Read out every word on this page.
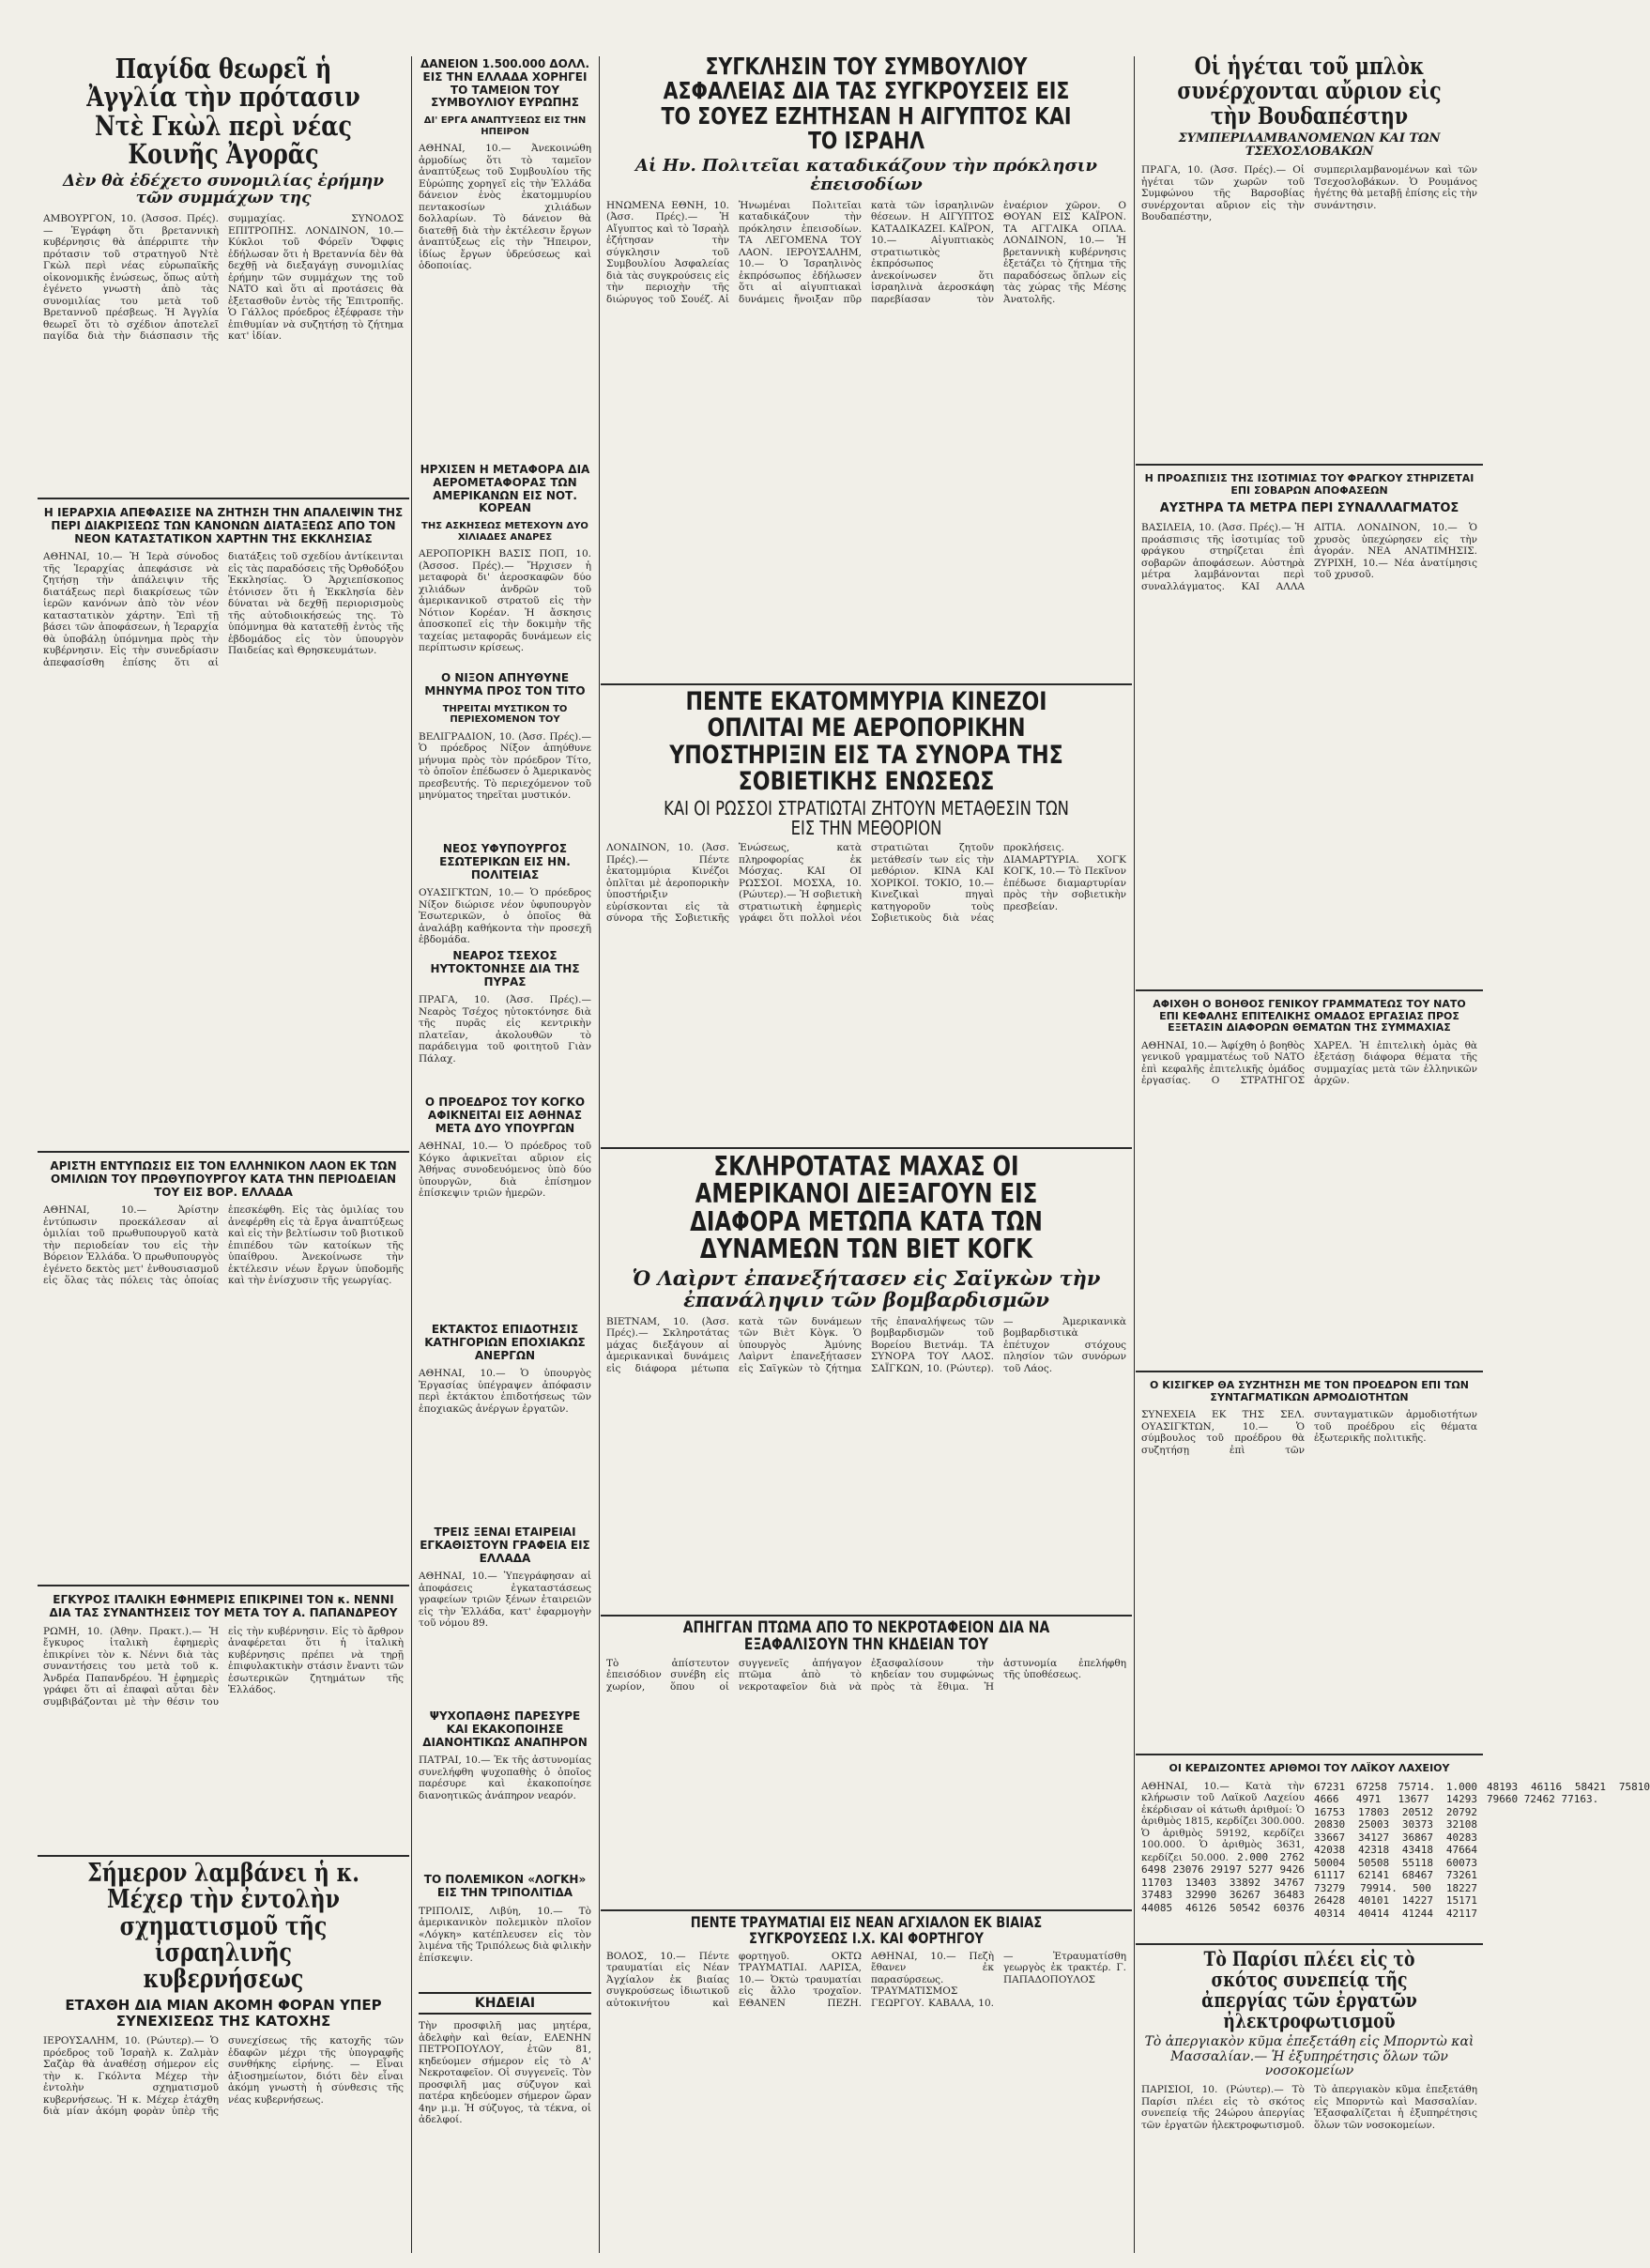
Παγίδα θεωρεῖ ἡ Ἀγγλία τὴν πρότασιν Ντὲ Γκὼλ περὶ νέας Κοινῆς Ἀγορᾶς
Δὲν θὰ ἐδέχετο συνομιλίας ἐρήμην τῶν συμμάχων της
ΑΜΒΟΥΡΓΟΝ, 10. (Ἀσσοσ. Πρές).— Ἐγράφη ὅτι βρεταννικὴ κυβέρνησις θὰ ἀπέρριπτε τὴν πρότασιν τοῦ στρατηγοῦ Ντὲ Γκὼλ περὶ νέας εὐρωπαϊκῆς οἰκονομικῆς ἑνώσεως, ὅπως αὐτὴ ἐγένετο γνωστὴ ἀπὸ τὰς συνομιλίας του μετὰ τοῦ Βρεταννοῦ πρέσβεως. Ἡ Ἀγγλία θεωρεῖ ὅτι τὸ σχέδιον ἀποτελεῖ παγίδα διὰ τὴν διάσπασιν τῆς συμμαχίας. ΣΥΝΟΔΟΣ ΕΠΙΤΡΟΠΗΣ. ΛΟΝΔΙΝΟΝ, 10.— Κύκλοι τοῦ Φόρεϊν Ὄφφις ἐδήλωσαν ὅτι ἡ Βρεταννία δὲν θὰ δεχθῇ νὰ διεξαγάγῃ συνομιλίας ἐρήμην τῶν συμμάχων της τοῦ ΝΑΤΟ καὶ ὅτι αἱ προτάσεις θὰ ἐξετασθοῦν ἐντὸς τῆς Ἐπιτροπῆς. Ὁ Γάλλος πρόεδρος ἐξέφρασε τὴν ἐπιθυμίαν νὰ συζητήσῃ τὸ ζήτημα κατ' ἰδίαν.
Η ΙΕΡΑΡΧΙΑ ΑΠΕΦΑΣΙΣΕ ΝΑ ΖΗΤΗΣΗ ΤΗΝ ΑΠΑΛΕΙΨΙΝ ΤΗΣ ΠΕΡΙ ΔΙΑΚΡΙΣΕΩΣ ΤΩΝ ΚΑΝΟΝΩΝ ΔΙΑΤΑΞΕΩΣ ΑΠΟ ΤΟΝ ΝΕΟΝ ΚΑΤΑΣΤΑΤΙΚΟΝ ΧΑΡΤΗΝ ΤΗΣ ΕΚΚΛΗΣΙΑΣ
ΑΘΗΝΑΙ, 10.— Ἡ Ἱερὰ σύνοδος τῆς Ἱεραρχίας ἀπεφάσισε νὰ ζητήσῃ τὴν ἀπάλειψιν τῆς διατάξεως περὶ διακρίσεως τῶν ἱερῶν κανόνων ἀπὸ τὸν νέον καταστατικὸν χάρτην. Ἐπὶ τῇ βάσει τῶν ἀποφάσεων, ἡ Ἱεραρχία θὰ ὑποβάλῃ ὑπόμνημα πρὸς τὴν κυβέρνησιν. Εἰς τὴν συνεδρίασιν ἀπεφασίσθη ἐπίσης ὅτι αἱ διατάξεις τοῦ σχεδίου ἀντίκεινται εἰς τὰς παραδόσεις τῆς Ὀρθοδόξου Ἐκκλησίας. Ὁ Ἀρχιεπίσκοπος ἐτόνισεν ὅτι ἡ Ἐκκλησία δὲν δύναται νὰ δεχθῇ περιορισμοὺς τῆς αὐτοδιοικήσεώς της. Τὸ ὑπόμνημα θὰ κατατεθῇ ἐντὸς τῆς ἑβδομάδος εἰς τὸν ὑπουργὸν Παιδείας καὶ Θρησκευμάτων.
ΑΡΙΣΤΗ ΕΝΤΥΠΩΣΙΣ ΕΙΣ ΤΟΝ ΕΛΛΗΝΙΚΟΝ ΛΑΟΝ ΕΚ ΤΩΝ ΟΜΙΛΙΩΝ ΤΟΥ ΠΡΩΘΥΠΟΥΡΓΟΥ ΚΑΤΑ ΤΗΝ ΠΕΡΙΟΔΕΙΑΝ ΤΟΥ ΕΙΣ ΒΟΡ. ΕΛΛΑΔΑ
ΑΘΗΝΑΙ, 10.— Ἀρίστην ἐντύπωσιν προεκάλεσαν αἱ ὁμιλίαι τοῦ πρωθυπουργοῦ κατὰ τὴν περιοδείαν του εἰς τὴν Βόρειον Ἑλλάδα. Ὁ πρωθυπουργὸς ἐγένετο δεκτὸς μετ' ἐνθουσιασμοῦ εἰς ὅλας τὰς πόλεις τὰς ὁποίας ἐπεσκέφθη. Εἰς τὰς ὁμιλίας του ἀνεφέρθη εἰς τὰ ἔργα ἀναπτύξεως καὶ εἰς τὴν βελτίωσιν τοῦ βιοτικοῦ ἐπιπέδου τῶν κατοίκων τῆς ὑπαίθρου. Ἀνεκοίνωσε τὴν ἐκτέλεσιν νέων ἔργων ὑποδομῆς καὶ τὴν ἐνίσχυσιν τῆς γεωργίας.
ΕΓΚΥΡΟΣ ΙΤΑΛΙΚΗ ΕΦΗΜΕΡΙΣ ΕΠΙΚΡΙΝΕΙ ΤΟΝ κ. ΝΕΝΝΙ ΔΙΑ ΤΑΣ ΣΥΝΑΝΤΗΣΕΙΣ ΤΟΥ ΜΕΤΑ ΤΟΥ Α. ΠΑΠΑΝΔΡΕΟΥ
ΡΩΜΗ, 10. (Ἀθην. Πρακτ.).— Ἡ ἔγκυρος ἰταλικὴ ἐφημερὶς ἐπικρίνει τὸν κ. Νέννι διὰ τὰς συναντήσεις του μετὰ τοῦ κ. Ἀνδρέα Παπανδρέου. Ἡ ἐφημερὶς γράφει ὅτι αἱ ἐπαφαὶ αὗται δὲν συμβιβάζονται μὲ τὴν θέσιν του εἰς τὴν κυβέρνησιν. Εἰς τὸ ἄρθρον ἀναφέρεται ὅτι ἡ ἰταλικὴ κυβέρνησις πρέπει νὰ τηρῇ ἐπιφυλακτικὴν στάσιν ἔναντι τῶν ἐσωτερικῶν ζητημάτων τῆς Ἑλλάδος.
Σήμερον λαμβάνει ἡ κ. Μέχερ τὴν ἐντολὴν σχηματισμοῦ τῆς ἰσραηλινῆς κυβερνήσεως
ΕΤΑΧΘΗ ΔΙΑ ΜΙΑΝ ΑΚΟΜΗ ΦΟΡΑΝ ΥΠΕΡ ΣΥΝΕΧΙΣΕΩΣ ΤΗΣ ΚΑΤΟΧΗΣ
ΙΕΡΟΥΣΑΛΗΜ, 10. (Ρώυτερ).— Ὁ πρόεδρος τοῦ Ἰσραὴλ κ. Ζαλμὰν Σαζὰρ θὰ ἀναθέσῃ σήμερον εἰς τὴν κ. Γκόλντα Μέχερ τὴν ἐντολὴν σχηματισμοῦ κυβερνήσεως. Ἡ κ. Μέχερ ἐτάχθη διὰ μίαν ἀκόμη φορὰν ὑπὲρ τῆς συνεχίσεως τῆς κατοχῆς τῶν ἐδαφῶν μέχρι τῆς ὑπογραφῆς συνθήκης εἰρήνης. — Εἶναι ἀξιοσημείωτον, διότι δὲν εἶναι ἀκόμη γνωστὴ ἡ σύνθεσις τῆς νέας κυβερνήσεως.
ΔΑΝΕΙΟΝ 1.500.000 ΔΟΛΛ. ΕΙΣ ΤΗΝ ΕΛΛΑΔΑ ΧΟΡΗΓΕΙ ΤΟ ΤΑΜΕΙΟΝ ΤΟΥ ΣΥΜΒΟΥΛΙΟΥ ΕΥΡΩΠΗΣ
ΔΙ' ΕΡΓΑ ΑΝΑΠΤΥΞΕΩΣ ΕΙΣ ΤΗΝ ΗΠΕΙΡΟΝ
ΑΘΗΝΑΙ, 10.— Ἀνεκοινώθη ἀρμοδίως ὅτι τὸ ταμεῖον ἀναπτύξεως τοῦ Συμβουλίου τῆς Εὐρώπης χορηγεῖ εἰς τὴν Ἑλλάδα δάνειον ἑνὸς ἑκατομμυρίου πεντακοσίων χιλιάδων δολλαρίων. Τὸ δάνειον θὰ διατεθῇ διὰ τὴν ἐκτέλεσιν ἔργων ἀναπτύξεως εἰς τὴν Ἤπειρον, ἰδίως ἔργων ὑδρεύσεως καὶ ὁδοποιίας.
ΗΡΧΙΣΕΝ Η ΜΕΤΑΦΟΡΑ ΔΙΑ ΑΕΡΟΜΕΤΑΦΟΡΑΣ ΤΩΝ ΑΜΕΡΙΚΑΝΩΝ ΕΙΣ ΝΟΤ. ΚΟΡΕΑΝ
ΤΗΣ ΑΣΚΗΣΕΩΣ ΜΕΤΕΧΟΥΝ ΔΥΟ ΧΙΛΙΑΔΕΣ ΑΝΔΡΕΣ
ΑΕΡΟΠΟΡΙΚΗ ΒΑΣΙΣ ΠΟΠ, 10. (Ἀσσοσ. Πρές).— Ἤρχισεν ἡ μεταφορὰ δι' ἀεροσκαφῶν δύο χιλιάδων ἀνδρῶν τοῦ ἀμερικανικοῦ στρατοῦ εἰς τὴν Νότιον Κορέαν. Ἡ ἄσκησις ἀποσκοπεῖ εἰς τὴν δοκιμὴν τῆς ταχείας μεταφορᾶς δυνάμεων εἰς περίπτωσιν κρίσεως.
Ο ΝΙΞΟΝ ΑΠΗΥΘΥΝΕ ΜΗΝΥΜΑ ΠΡΟΣ ΤΟΝ ΤΙΤΟ
ΤΗΡΕΙΤΑΙ ΜΥΣΤΙΚΟΝ ΤΟ ΠΕΡΙΕΧΟΜΕΝΟΝ ΤΟΥ
ΒΕΛΙΓΡΑΔΙΟΝ, 10. (Ἀσσ. Πρές).— Ὁ πρόεδρος Νίξον ἀπηύθυνε μήνυμα πρὸς τὸν πρόεδρον Τίτο, τὸ ὁποῖον ἐπέδωσεν ὁ Ἀμερικανὸς πρεσβευτής. Τὸ περιεχόμενον τοῦ μηνύματος τηρεῖται μυστικόν.
ΝΕΟΣ ΥΦΥΠΟΥΡΓΟΣ ΕΣΩΤΕΡΙΚΩΝ ΕΙΣ ΗΝ. ΠΟΛΙΤΕΙΑΣ
ΟΥΑΣΙΓΚΤΩΝ, 10.— Ὁ πρόεδρος Νίξον διώρισε νέον ὑφυπουργὸν Ἐσωτερικῶν, ὁ ὁποῖος θὰ ἀναλάβῃ καθήκοντα τὴν προσεχῆ ἑβδομάδα.
ΝΕΑΡΟΣ ΤΣΕΧΟΣ ΗΥΤΟΚΤΟΝΗΣΕ ΔΙΑ ΤΗΣ ΠΥΡΑΣ
ΠΡΑΓΑ, 10. (Ἀσσ. Πρές).— Νεαρὸς Τσέχος ηὐτοκτόνησε διὰ τῆς πυρᾶς εἰς κεντρικὴν πλατεῖαν, ἀκολουθῶν τὸ παράδειγμα τοῦ φοιτητοῦ Γιὰν Πάλαχ.
Ο ΠΡΟΕΔΡΟΣ ΤΟΥ ΚΟΓΚΟ ΑΦΙΚΝΕΙΤΑΙ ΕΙΣ ΑΘΗΝΑΣ ΜΕΤΑ ΔΥΟ ΥΠΟΥΡΓΩΝ
ΑΘΗΝΑΙ, 10.— Ὁ πρόεδρος τοῦ Κόγκο ἀφικνεῖται αὔριον εἰς Ἀθήνας συνοδευόμενος ὑπὸ δύο ὑπουργῶν, διὰ ἐπίσημον ἐπίσκεψιν τριῶν ἡμερῶν.
ΕΚΤΑΚΤΟΣ ΕΠΙΔΟΤΗΣΙΣ ΚΑΤΗΓΟΡΙΩΝ ΕΠΟΧΙΑΚΩΣ ΑΝΕΡΓΩΝ
ΑΘΗΝΑΙ, 10.— Ὁ ὑπουργὸς Ἐργασίας ὑπέγραψεν ἀπόφασιν περὶ ἐκτάκτου ἐπιδοτήσεως τῶν ἐποχιακῶς ἀνέργων ἐργατῶν.
ΤΡΕΙΣ ΞΕΝΑΙ ΕΤΑΙΡΕΙΑΙ ΕΓΚΑΘΙΣΤΟΥΝ ΓΡΑΦΕΙΑ ΕΙΣ ΕΛΛΑΔΑ
ΑΘΗΝΑΙ, 10.— Ὑπεγράφησαν αἱ ἀποφάσεις ἐγκαταστάσεως γραφείων τριῶν ξένων ἐταιρειῶν εἰς τὴν Ἑλλάδα, κατ' ἐφαρμογὴν τοῦ νόμου 89.
ΨΥΧΟΠΑΘΗΣ ΠΑΡΕΣΥΡΕ ΚΑΙ ΕΚΑΚΟΠΟΙΗΣΕ ΔΙΑΝΟΗΤΙΚΩΣ ΑΝΑΠΗΡΟΝ
ΠΑΤΡΑΙ, 10.— Ἐκ τῆς ἀστυνομίας συνελήφθη ψυχοπαθὴς ὁ ὁποῖος παρέσυρε καὶ ἐκακοποίησε διανοητικῶς ἀνάπηρον νεαρόν.
ΤΟ ΠΟΛΕΜΙΚΟΝ «ΛΟΓΚΗ» ΕΙΣ ΤΗΝ ΤΡΙΠΟΛΙΤΙΔΑ
ΤΡΙΠΟΛΙΣ, Λιβύη, 10.— Τὸ ἀμερικανικὸν πολεμικὸν πλοῖον «Λόγκη» κατέπλευσεν εἰς τὸν λιμένα τῆς Τριπόλεως διὰ φιλικὴν ἐπίσκεψιν.
ΚΗΔΕΙΑΙ
Τὴν προσφιλῆ μας μητέρα, ἀδελφὴν καὶ θείαν, ΕΛΕΝΗΝ ΠΕΤΡΟΠΟΥΛΟΥ, ἐτῶν 81, κηδεύομεν σήμερον εἰς τὸ Α' Νεκροταφεῖον. Οἱ συγγενεῖς. Τὸν προσφιλῆ μας σύζυγον καὶ πατέρα κηδεύομεν σήμερον ὥραν 4ην μ.μ. Ἡ σύζυγος, τὰ τέκνα, οἱ ἀδελφοί.
ΣΥΓΚΛΗΣΙΝ ΤΟΥ ΣΥΜΒΟΥΛΙΟΥ ΑΣΦΑΛΕΙΑΣ ΔΙΑ ΤΑΣ ΣΥΓΚΡΟΥΣΕΙΣ ΕΙΣ ΤΟ ΣΟΥΕΖ ΕΖΗΤΗΣΑΝ Η ΑΙΓΥΠΤΟΣ ΚΑΙ ΤΟ ΙΣΡΑΗΛ
Αἱ Ην. Πολιτεῖαι καταδικάζουν τὴν πρόκλησιν ἐπεισοδίων
ΗΝΩΜΕΝΑ ΕΘΝΗ, 10. (Ἀσσ. Πρές).— Ἡ Αἴγυπτος καὶ τὸ Ἰσραὴλ ἐζήτησαν τὴν σύγκλησιν τοῦ Συμβουλίου Ἀσφαλείας διὰ τὰς συγκρούσεις εἰς τὴν περιοχὴν τῆς διώρυγος τοῦ Σουέζ. Αἱ Ἡνωμέναι Πολιτεῖαι καταδικάζουν τὴν πρόκλησιν ἐπεισοδίων. ΤΑ ΛΕΓΟΜΕΝΑ ΤΟΥ ΛΑΟΝ. ΙΕΡΟΥΣΑΛΗΜ, 10.— Ὁ Ἰσραηλινὸς ἐκπρόσωπος ἐδήλωσεν ὅτι αἱ αἰγυπτιακαὶ δυνάμεις ἤνοιξαν πῦρ κατὰ τῶν ἰσραηλινῶν θέσεων. Η ΑΙΓΥΠΤΟΣ ΚΑΤΑΔΙΚΑΖΕΙ. ΚΑΪΡΟΝ, 10.— Αἰγυπτιακὸς στρατιωτικὸς ἐκπρόσωπος ἀνεκοίνωσεν ὅτι ἰσραηλινὰ ἀεροσκάφη παρεβίασαν τὸν ἐναέριον χῶρον. Ο ΘΟΥΑΝ ΕΙΣ ΚΑΪΡΟΝ. ΤΑ ΑΓΓΛΙΚΑ ΟΠΛΑ. ΛΟΝΔΙΝΟΝ, 10.— Ἡ βρεταννικὴ κυβέρνησις ἐξετάζει τὸ ζήτημα τῆς παραδόσεως ὅπλων εἰς τὰς χώρας τῆς Μέσης Ἀνατολῆς.
ΠΕΝΤΕ ΕΚΑΤΟΜΜΥΡΙΑ ΚΙΝΕΖΟΙ ΟΠΛΙΤΑΙ ΜΕ ΑΕΡΟΠΟΡΙΚΗΝ ΥΠΟΣΤΗΡΙΞΙΝ ΕΙΣ ΤΑ ΣΥΝΟΡΑ ΤΗΣ ΣΟΒΙΕΤΙΚΗΣ ΕΝΩΣΕΩΣ
ΚΑΙ ΟΙ ΡΩΣΣΟΙ ΣΤΡΑΤΙΩΤΑΙ ΖΗΤΟΥΝ ΜΕΤΑΘΕΣΙΝ ΤΩΝ ΕΙΣ ΤΗΝ ΜΕΘΟΡΙΟΝ
ΛΟΝΔΙΝΟΝ, 10. (Ἀσσ. Πρές).— Πέντε ἑκατομμύρια Κινέζοι ὁπλῖται μὲ ἀεροπορικὴν ὑποστήριξιν εὑρίσκονται εἰς τὰ σύνορα τῆς Σοβιετικῆς Ἑνώσεως, κατὰ πληροφορίας ἐκ Μόσχας. ΚΑΙ ΟΙ ΡΩΣΣΟΙ. ΜΟΣΧΑ, 10. (Ρώυτερ).— Ἡ σοβιετικὴ στρατιωτικὴ ἐφημερὶς γράφει ὅτι πολλοὶ νέοι στρατιῶται ζητοῦν μετάθεσίν των εἰς τὴν μεθόριον. ΚΙΝΑ ΚΑΙ ΧΟΡΙΚΟΙ. ΤΟΚΙΟ, 10.— Κινεζικαὶ πηγαὶ κατηγοροῦν τοὺς Σοβιετικοὺς διὰ νέας προκλήσεις. ΔΙΑΜΑΡΤΥΡΙΑ. ΧΟΓΚ ΚΟΓΚ, 10.— Τὸ Πεκῖνον ἐπέδωσε διαμαρτυρίαν πρὸς τὴν σοβιετικὴν πρεσβείαν.
ΣΚΛΗΡΟΤΑΤΑΣ ΜΑΧΑΣ ΟΙ ΑΜΕΡΙΚΑΝΟΙ ΔΙΕΞΑΓΟΥΝ ΕΙΣ ΔΙΑΦΟΡΑ ΜΕΤΩΠΑ ΚΑΤΑ ΤΩΝ ΔΥΝΑΜΕΩΝ ΤΩΝ ΒΙΕΤ ΚΟΓΚ
Ὁ Λαὶρντ ἐπανεξήτασεν εἰς Σαϊγκὼν τὴν ἐπανάληψιν τῶν βομβαρδισμῶν
ΒΙΕΤΝΑΜ, 10. (Ἀσσ. Πρές).— Σκληροτάτας μάχας διεξάγουν αἱ ἀμερικανικαὶ δυνάμεις εἰς διάφορα μέτωπα κατὰ τῶν δυνάμεων τῶν Βιὲτ Κὸγκ. Ὁ ὑπουργὸς Ἀμύνης Λαὶρντ ἐπανεξήτασεν εἰς Σαϊγκὼν τὸ ζήτημα τῆς ἐπαναλήψεως τῶν βομβαρδισμῶν τοῦ Βορείου Βιετνάμ. ΤΑ ΣΥΝΟΡΑ ΤΟΥ ΛΑΟΣ. ΣΑΪΓΚΩΝ, 10. (Ρώυτερ).— Ἀμερικανικὰ βομβαρδιστικὰ ἐπέτυχον στόχους πλησίον τῶν συνόρων τοῦ Λάος.
ΑΠΗΓΓΑΝ ΠΤΩΜΑ ΑΠΟ ΤΟ ΝΕΚΡΟΤΑΦΕΙΟΝ ΔΙΑ ΝΑ ΕΞΑΦΑΛΙΣΟΥΝ ΤΗΝ ΚΗΔΕΙΑΝ ΤΟΥ
Τὸ ἀπίστευτον ἐπεισόδιον συνέβη εἰς χωρίον, ὅπου οἱ συγγενεῖς ἀπήγαγον πτῶμα ἀπὸ τὸ νεκροταφεῖον διὰ νὰ ἐξασφαλίσουν τὴν κηδείαν του συμφώνως πρὸς τὰ ἔθιμα. Ἡ ἀστυνομία ἐπελήφθη τῆς ὑποθέσεως.
ΠΕΝΤΕ ΤΡΑΥΜΑΤΙΑΙ ΕΙΣ ΝΕΑΝ ΑΓΧΙΑΛΟΝ ΕΚ ΒΙΑΙΑΣ ΣΥΓΚΡΟΥΣΕΩΣ Ι.Χ. ΚΑΙ ΦΟΡΤΗΓΟΥ
ΒΟΛΟΣ, 10.— Πέντε τραυματίαι εἰς Νέαν Ἀγχίαλον ἐκ βιαίας συγκρούσεως ἰδιωτικοῦ αὐτοκινήτου καὶ φορτηγοῦ. ΟΚΤΩ ΤΡΑΥΜΑΤΙΑΙ. ΛΑΡΙΣΑ, 10.— Ὀκτὼ τραυματίαι εἰς ἄλλο τροχαῖον. ΕΘΑΝΕΝ ΠΕΖΗ. ΑΘΗΝΑΙ, 10.— Πεζὴ ἔθανεν ἐκ παρασύρσεως. ΤΡΑΥΜΑΤΙΣΜΟΣ ΓΕΩΡΓΟΥ. ΚΑΒΑΛΑ, 10.— Ἐτραυματίσθη γεωργὸς ἐκ τρακτέρ. Γ. ΠΑΠΑΔΟΠΟΥΛΟΣ
Οἱ ἡγέται τοῦ μπλὸκ συνέρχονται αὔριον εἰς τὴν Βουδαπέστην
ΣΥΜΠΕΡΙΛΑΜΒΑΝΟΜΕΝΩΝ ΚΑΙ ΤΩΝ ΤΣΕΧΟΣΛΟΒΑΚΩΝ
ΠΡΑΓΑ, 10. (Ἀσσ. Πρές).— Οἱ ἡγέται τῶν χωρῶν τοῦ Συμφώνου τῆς Βαρσοβίας συνέρχονται αὔριον εἰς τὴν Βουδαπέστην, συμπεριλαμβανομένων καὶ τῶν Τσεχοσλοβάκων. Ὁ Ρουμάνος ἡγέτης θὰ μεταβῇ ἐπίσης εἰς τὴν συνάντησιν.
Η ΠΡΟΑΣΠΙΣΙΣ ΤΗΣ ΙΣΟΤΙΜΙΑΣ ΤΟΥ ΦΡΑΓΚΟΥ ΣΤΗΡΙΖΕΤΑΙ ΕΠΙ ΣΟΒΑΡΩΝ ΑΠΟΦΑΣΕΩΝ
ΑΥΣΤΗΡΑ ΤΑ ΜΕΤΡΑ ΠΕΡΙ ΣΥΝΑΛΛΑΓΜΑΤΟΣ
ΒΑΣΙΛΕΙΑ, 10. (Ἀσσ. Πρές).— Ἡ προάσπισις τῆς ἰσοτιμίας τοῦ φράγκου στηρίζεται ἐπὶ σοβαρῶν ἀποφάσεων. Αὐστηρὰ μέτρα λαμβάνονται περὶ συναλλάγματος. ΚΑΙ ΑΛΛΑ ΑΙΤΙΑ. ΛΟΝΔΙΝΟΝ, 10.— Ὁ χρυσὸς ὑπεχώρησεν εἰς τὴν ἀγοράν. ΝΕΑ ΑΝΑΤΙΜΗΣΙΣ. ΖΥΡΙΧΗ, 10.— Νέα ἀνατίμησις τοῦ χρυσοῦ.
ΑΦΙΧΘΗ Ο ΒΟΗΘΟΣ ΓΕΝΙΚΟΥ ΓΡΑΜΜΑΤΕΩΣ ΤΟΥ ΝΑΤΟ ΕΠΙ ΚΕΦΑΛΗΣ ΕΠΙΤΕΛΙΚΗΣ ΟΜΑΔΟΣ ΕΡΓΑΣΙΑΣ ΠΡΟΣ ΕΞΕΤΑΣΙΝ ΔΙΑΦΟΡΩΝ ΘΕΜΑΤΩΝ ΤΗΣ ΣΥΜΜΑΧΙΑΣ
ΑΘΗΝΑΙ, 10.— Ἀφίχθη ὁ βοηθὸς γενικοῦ γραμματέως τοῦ ΝΑΤΟ ἐπὶ κεφαλῆς ἐπιτελικῆς ὁμάδος ἐργασίας. Ο ΣΤΡΑΤΗΓΟΣ ΧΑΡΕΛ. Ἡ ἐπιτελικὴ ὁμὰς θὰ ἐξετάσῃ διάφορα θέματα τῆς συμμαχίας μετὰ τῶν ἑλληνικῶν ἀρχῶν.
Ο ΚΙΣΙΓΚΕΡ ΘΑ ΣΥΖΗΤΗΣΗ ΜΕ ΤΟΝ ΠΡΟΕΔΡΟΝ ΕΠΙ ΤΩΝ ΣΥΝΤΑΓΜΑΤΙΚΩΝ ΑΡΜΟΔΙΟΤΗΤΩΝ
ΣΥΝΕΧΕΙΑ ΕΚ ΤΗΣ ΣΕΛ. ΟΥΑΣΙΓΚΤΩΝ, 10.— Ὁ σύμβουλος τοῦ προέδρου θὰ συζητήσῃ ἐπὶ τῶν συνταγματικῶν ἁρμοδιοτήτων τοῦ προέδρου εἰς θέματα ἐξωτερικῆς πολιτικῆς.
ΟΙ ΚΕΡΔΙΖΟΝΤΕΣ ΑΡΙΘΜΟΙ ΤΟΥ ΛΑΪΚΟΥ ΛΑΧΕΙΟΥ
ΑΘΗΝΑΙ, 10.— Κατὰ τὴν κλήρωσιν τοῦ Λαϊκοῦ Λαχείου ἐκέρδισαν οἱ κάτωθι ἀριθμοί: Ὁ ἀριθμὸς 1815, κερδίζει 300.000. Ὁ ἀριθμὸς 59192, κερδίζει 100.000. Ὁ ἀριθμὸς 3631, κερδίζει 50.000. 2.000 2762 6498 23076 29197 5277 9426 11703 13403 33892 34767 37483 32990 36267 36483 44085 46126 50542 60376 67231 67258 75714. 1.000 4666 4971 13677 14293 16753 17803 20512 20792 20830 25003 30373 32108 33667 34127 36867 40283 42038 42318 43418 47664 50004 50508 55118 60073 61117 62141 68467 73261 73279 79914. 500 18227 26428 40101 14227 15171 40314 40414 41244 42117 48193 46116 58421 75810 79660 72462 77163.
Τὸ Παρίσι πλέει εἰς τὸ σκότος συνεπείᾳ τῆς ἀπεργίας τῶν ἐργατῶν ἠλεκτροφωτισμοῦ
Τὸ ἀπεργιακὸν κῦμα ἐπεξετάθη εἰς Μπορντὼ καὶ Μασσαλίαν.— Ἡ ἐξυπηρέτησις ὅλων τῶν νοσοκομείων
ΠΑΡΙΣΙΟΙ, 10. (Ρώυτερ).— Τὸ Παρίσι πλέει εἰς τὸ σκότος συνεπείᾳ τῆς 24ώρου ἀπεργίας τῶν ἐργατῶν ἠλεκτροφωτισμοῦ. Τὸ ἀπεργιακὸν κῦμα ἐπεξετάθη εἰς Μπορντὼ καὶ Μασσαλίαν. Ἐξασφαλίζεται ἡ ἐξυπηρέτησις ὅλων τῶν νοσοκομείων.
